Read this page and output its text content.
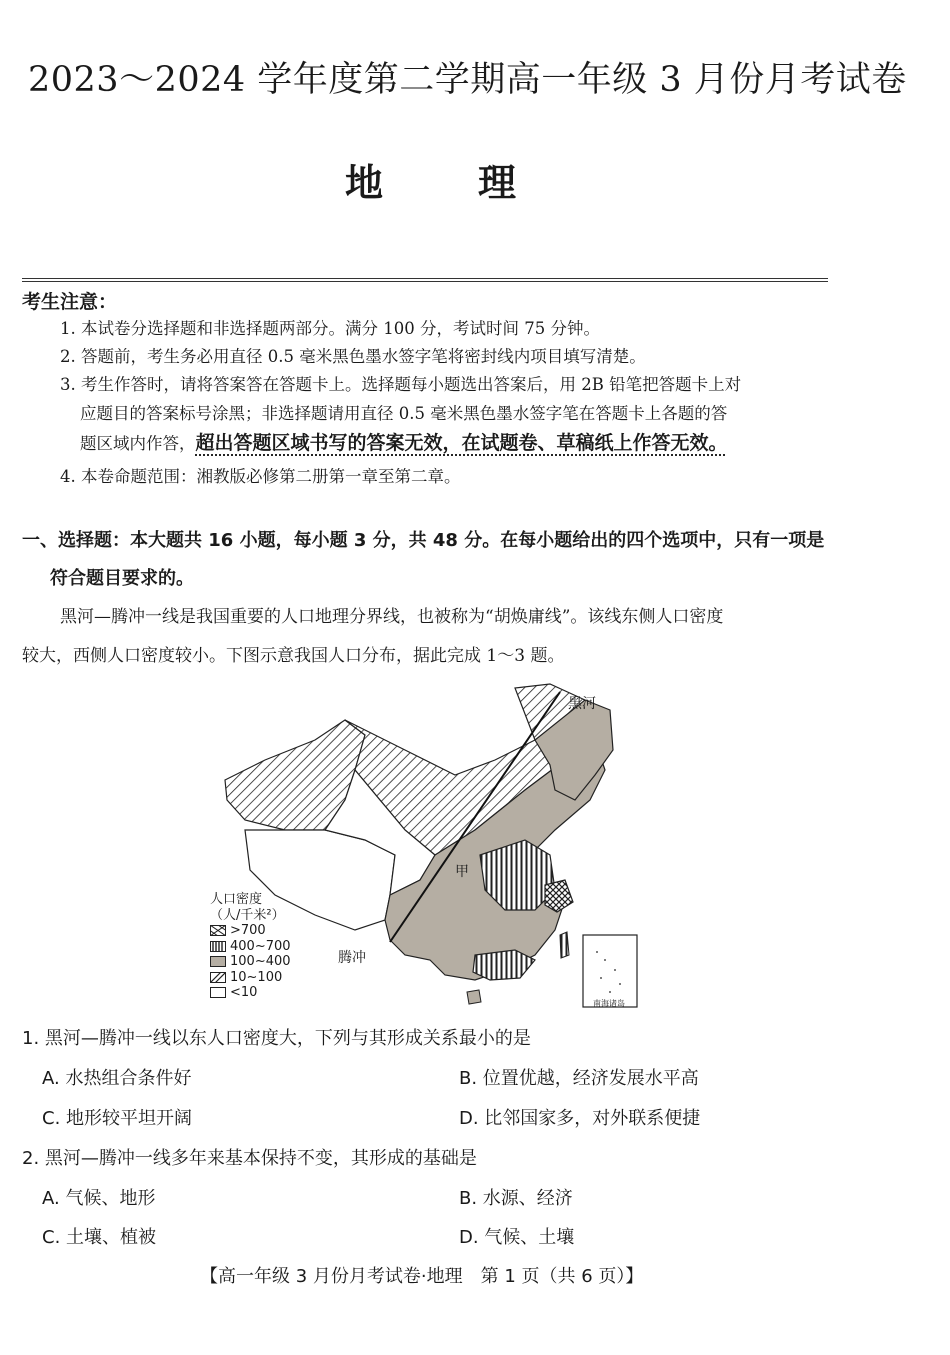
2023～2024 学年度第二学期高一年级 3 月份月考试卷
地理
考生注意：
1. 本试卷分选择题和非选择题两部分。满分 100 分，考试时间 75 分钟。
2. 答题前，考生务必用直径 0.5 毫米黑色墨水签字笔将密封线内项目填写清楚。
3. 考生作答时，请将答案答在答题卡上。选择题每小题选出答案后，用 2B 铅笔把答题卡上对
应题目的答案标号涂黑；非选择题请用直径 0.5 毫米黑色墨水签字笔在答题卡上各题的答
题区域内作答，超出答题区域书写的答案无效，在试题卷、草稿纸上作答无效。
4. 本卷命题范围：湘教版必修第二册第一章至第二章。
一、选择题：本大题共 16 小题，每小题 3 分，共 48 分。在每小题给出的四个选项中，只有一项是
符合题目要求的。
黑河—腾冲一线是我国重要的人口地理分界线，也被称为“胡焕庸线”。该线东侧人口密度
较大，西侧人口密度较小。下图示意我国人口分布，据此完成 1～3 题。
黑河
腾冲
甲
南海诸岛
人口密度
（人/千米²）
>700
400~700
100~400
10~100
<10
1. 黑河—腾冲一线以东人口密度大，下列与其形成关系最小的是
A. 水热组合条件好	B. 位置优越，经济发展水平高
C. 地形较平坦开阔	D. 比邻国家多，对外联系便捷
2. 黑河—腾冲一线多年来基本保持不变，其形成的基础是
A. 气候、地形	B. 水源、经济
C. 土壤、植被	D. 气候、土壤
【高一年级 3 月份月考试卷·地理　第 1 页（共 6 页）】
